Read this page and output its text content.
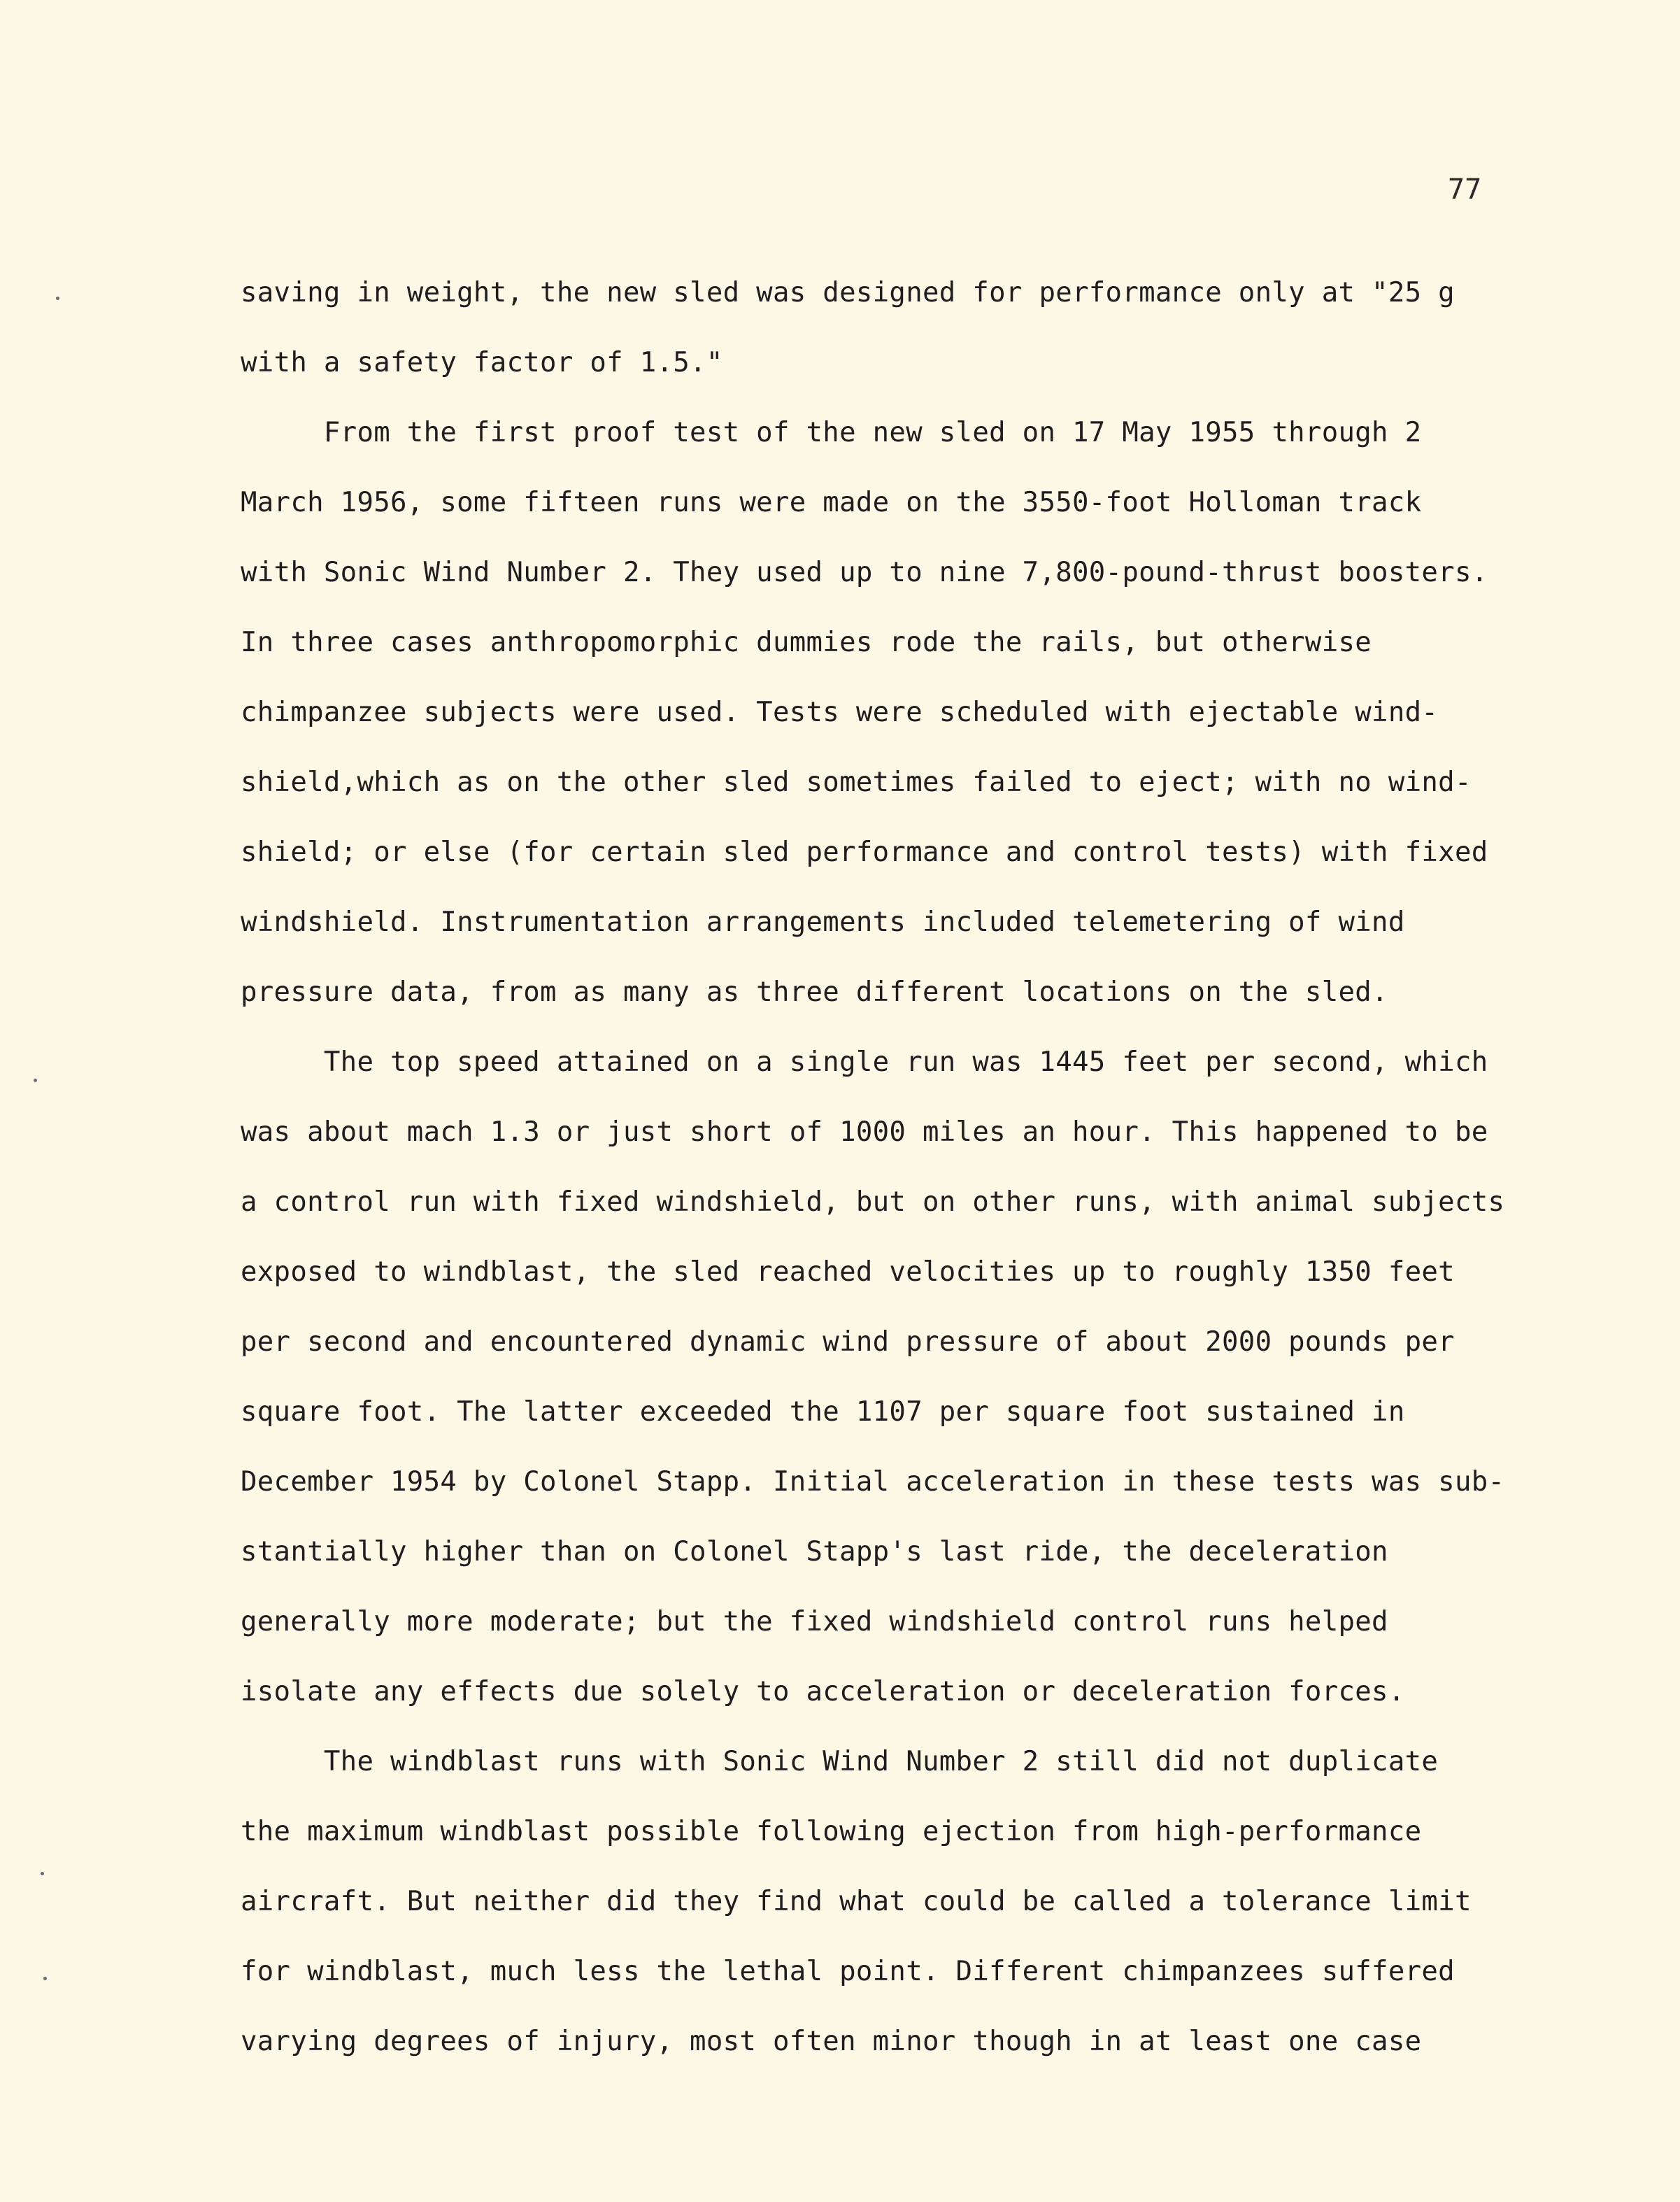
77
saving in weight, the new sled was designed for performance only at "25 g
with a safety factor of 1.5."
From the first proof test of the new sled on 17 May 1955 through 2
March 1956, some fifteen runs were made on the 3550-foot Holloman track
with Sonic Wind Number 2. They used up to nine 7,800-pound-thrust boosters.
In three cases anthropomorphic dummies rode the rails, but otherwise
chimpanzee subjects were used. Tests were scheduled with ejectable wind-
shield,which as on the other sled sometimes failed to eject; with no wind-
shield; or else (for certain sled performance and control tests) with fixed
windshield. Instrumentation arrangements included telemetering of wind
pressure data, from as many as three different locations on the sled.
The top speed attained on a single run was 1445 feet per second, which
was about mach 1.3 or just short of 1000 miles an hour. This happened to be
a control run with fixed windshield, but on other runs, with animal subjects
exposed to windblast, the sled reached velocities up to roughly 1350 feet
per second and encountered dynamic wind pressure of about 2000 pounds per
square foot. The latter exceeded the 1107 per square foot sustained in
December 1954 by Colonel Stapp. Initial acceleration in these tests was sub-
stantially higher than on Colonel Stapp's last ride, the deceleration
generally more moderate; but the fixed windshield control runs helped
isolate any effects due solely to acceleration or deceleration forces.
The windblast runs with Sonic Wind Number 2 still did not duplicate
the maximum windblast possible following ejection from high-performance
aircraft. But neither did they find what could be called a tolerance limit
for windblast, much less the lethal point. Different chimpanzees suffered
varying degrees of injury, most often minor though in at least one case
